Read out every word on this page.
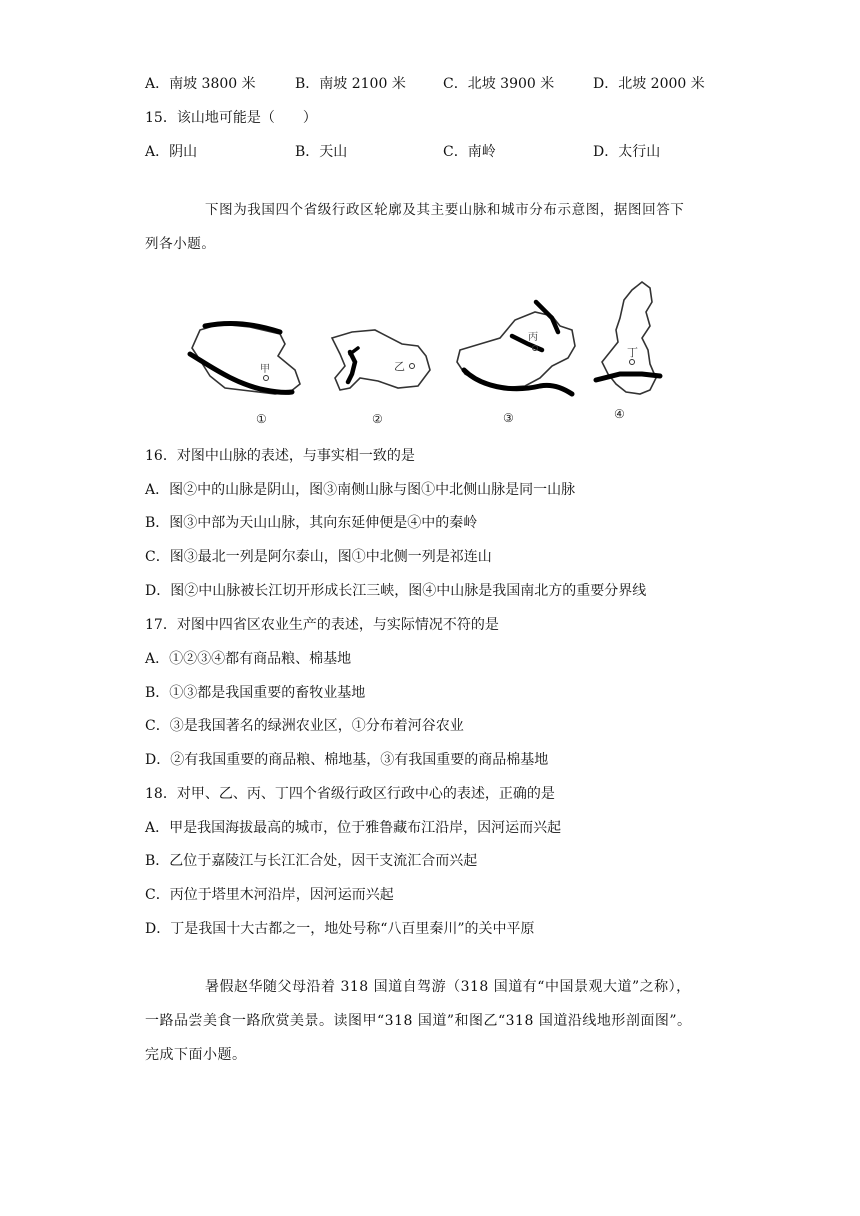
A．南坡 3800 米	B．南坡 2100 米	C．北坡 3900 米	D．北坡 2000 米
15．该山地可能是（　　）
A．阴山	B．天山	C．南岭	D．太行山
下图为我国四个省级行政区轮廓及其主要山脉和城市分布示意图，据图回答下
列各小题。
甲
①
乙
②
丙
③
丁
④
16．对图中山脉的表述，与事实相一致的是
A．图②中的山脉是阴山，图③南侧山脉与图①中北侧山脉是同一山脉
B．图③中部为天山山脉，其向东延伸便是④中的秦岭
C．图③最北一列是阿尔泰山，图①中北侧一列是祁连山
D．图②中山脉被长江切开形成长江三峡，图④中山脉是我国南北方的重要分界线
17．对图中四省区农业生产的表述，与实际情况不符的是
A．①②③④都有商品粮、棉基地
B．①③都是我国重要的畜牧业基地
C．③是我国著名的绿洲农业区，①分布着河谷农业
D．②有我国重要的商品粮、棉地基，③有我国重要的商品棉基地
18．对甲、乙、丙、丁四个省级行政区行政中心的表述，正确的是
A．甲是我国海拔最高的城市，位于雅鲁藏布江沿岸，因河运而兴起
B．乙位于嘉陵江与长江汇合处，因干支流汇合而兴起
C．丙位于塔里木河沿岸，因河运而兴起
D．丁是我国十大古都之一，地处号称“八百里秦川”的关中平原
暑假赵华随父母沿着 318 国道自驾游（318 国道有“中国景观大道”之称），
一路品尝美食一路欣赏美景。读图甲“318 国道”和图乙“318 国道沿线地形剖面图”。
完成下面小题。
